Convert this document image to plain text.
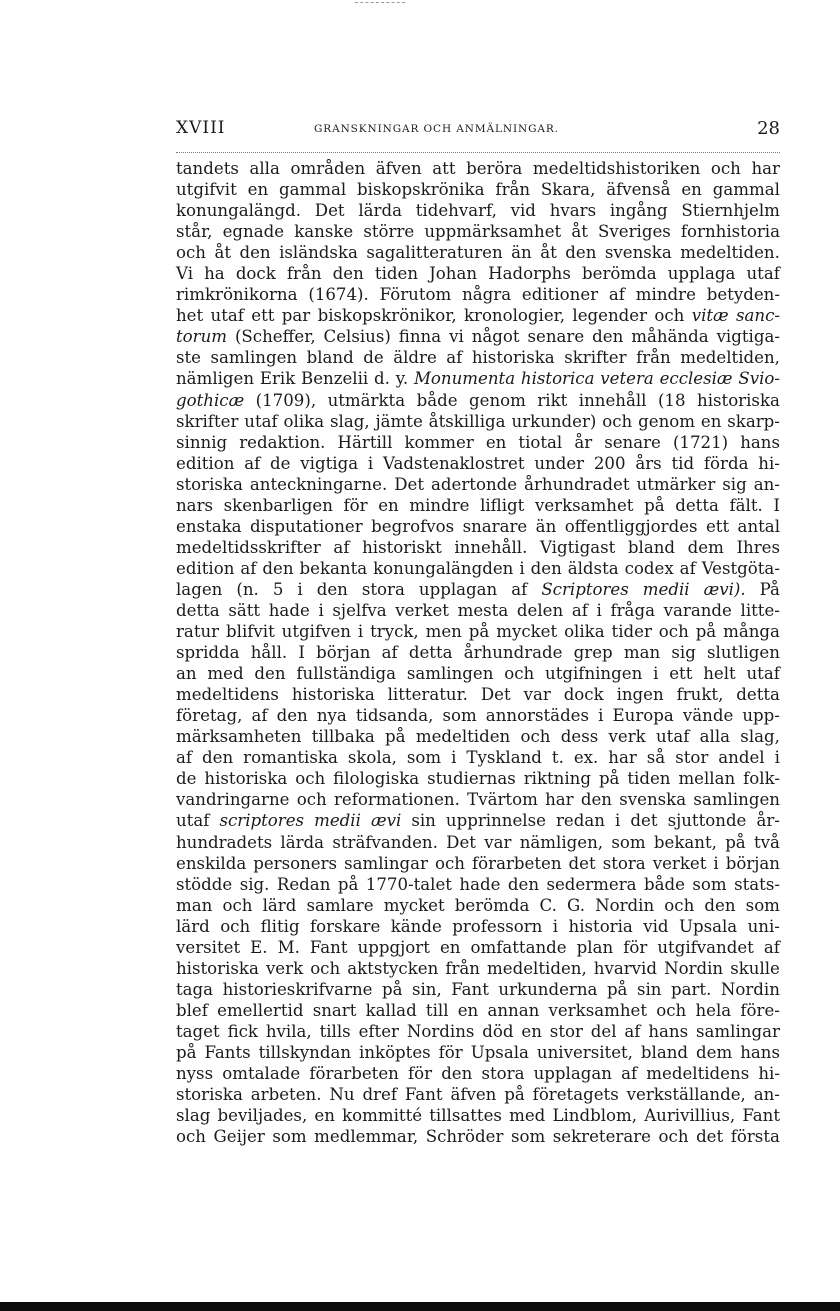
XVIII	GRANSKNINGAR OCH ANMÄLNINGAR.	28
tandets alla områden äfven att beröra medeltidshistoriken och har
utgifvit en gammal biskopskrönika från Skara, äfvenså en gammal
konungalängd. Det lärda tidehvarf, vid hvars ingång Stiernhjelm
står, egnade kanske större uppmärksamhet åt Sveriges fornhistoria
och åt den isländska sagalitteraturen än åt den svenska medeltiden.
Vi ha dock från den tiden Johan Hadorphs berömda upplaga utaf
rimkrönikorna (1674). Förutom några editioner af mindre betyden-
het utaf ett par biskopskrönikor, kronologier, legender och vitæ sanc-
torum (Scheffer, Celsius) finna vi något senare den måhända vigtiga-
ste samlingen bland de äldre af historiska skrifter från medeltiden,
nämligen Erik Benzelii d. y. Monumenta historica vetera ecclesiæ Svio-
gothicæ (1709), utmärkta både genom rikt innehåll (18 historiska
skrifter utaf olika slag, jämte åtskilliga urkunder) och genom en skarp-
sinnig redaktion. Härtill kommer en tiotal år senare (1721) hans
edition af de vigtiga i Vadstenaklostret under 200 års tid förda hi-
storiska anteckningarne. Det adertonde århundradet utmärker sig an-
nars skenbarligen för en mindre lifligt verksamhet på detta fält. I
enstaka disputationer begrofvos snarare än offentliggjordes ett antal
medeltidsskrifter af historiskt innehåll. Vigtigast bland dem Ihres
edition af den bekanta konungalängden i den äldsta codex af Vestgöta-
lagen (n. 5 i den stora upplagan af Scriptores medii ævi). På
detta sätt hade i sjelfva verket mesta delen af i fråga varande litte-
ratur blifvit utgifven i tryck, men på mycket olika tider och på många
spridda håll. I början af detta århundrade grep man sig slutligen
an med den fullständiga samlingen och utgifningen i ett helt utaf
medeltidens historiska litteratur. Det var dock ingen frukt, detta
företag, af den nya tidsanda, som annorstädes i Europa vände upp-
märksamheten tillbaka på medeltiden och dess verk utaf alla slag,
af den romantiska skola, som i Tyskland t. ex. har så stor andel i
de historiska och filologiska studiernas riktning på tiden mellan folk-
vandringarne och reformationen. Tvärtom har den svenska samlingen
utaf scriptores medii ævi sin upprinnelse redan i det sjuttonde år-
hundradets lärda sträfvanden. Det var nämligen, som bekant, på två
enskilda personers samlingar och förarbeten det stora verket i början
stödde sig. Redan på 1770-talet hade den sedermera både som stats-
man och lärd samlare mycket berömda C. G. Nordin och den som
lärd och flitig forskare kände professorn i historia vid Upsala uni-
versitet E. M. Fant uppgjort en omfattande plan för utgifvandet af
historiska verk och aktstycken från medeltiden, hvarvid Nordin skulle
taga historieskrifvarne på sin, Fant urkunderna på sin part. Nordin
blef emellertid snart kallad till en annan verksamhet och hela före-
taget fick hvila, tills efter Nordins död en stor del af hans samlingar
på Fants tillskyndan inköptes för Upsala universitet, bland dem hans
nyss omtalade förarbeten för den stora upplagan af medeltidens hi-
storiska arbeten. Nu dref Fant äfven på företagets verkställande, an-
slag beviljades, en kommitté tillsattes med Lindblom, Aurivillius, Fant
och Geijer som medlemmar, Schröder som sekreterare och det första
